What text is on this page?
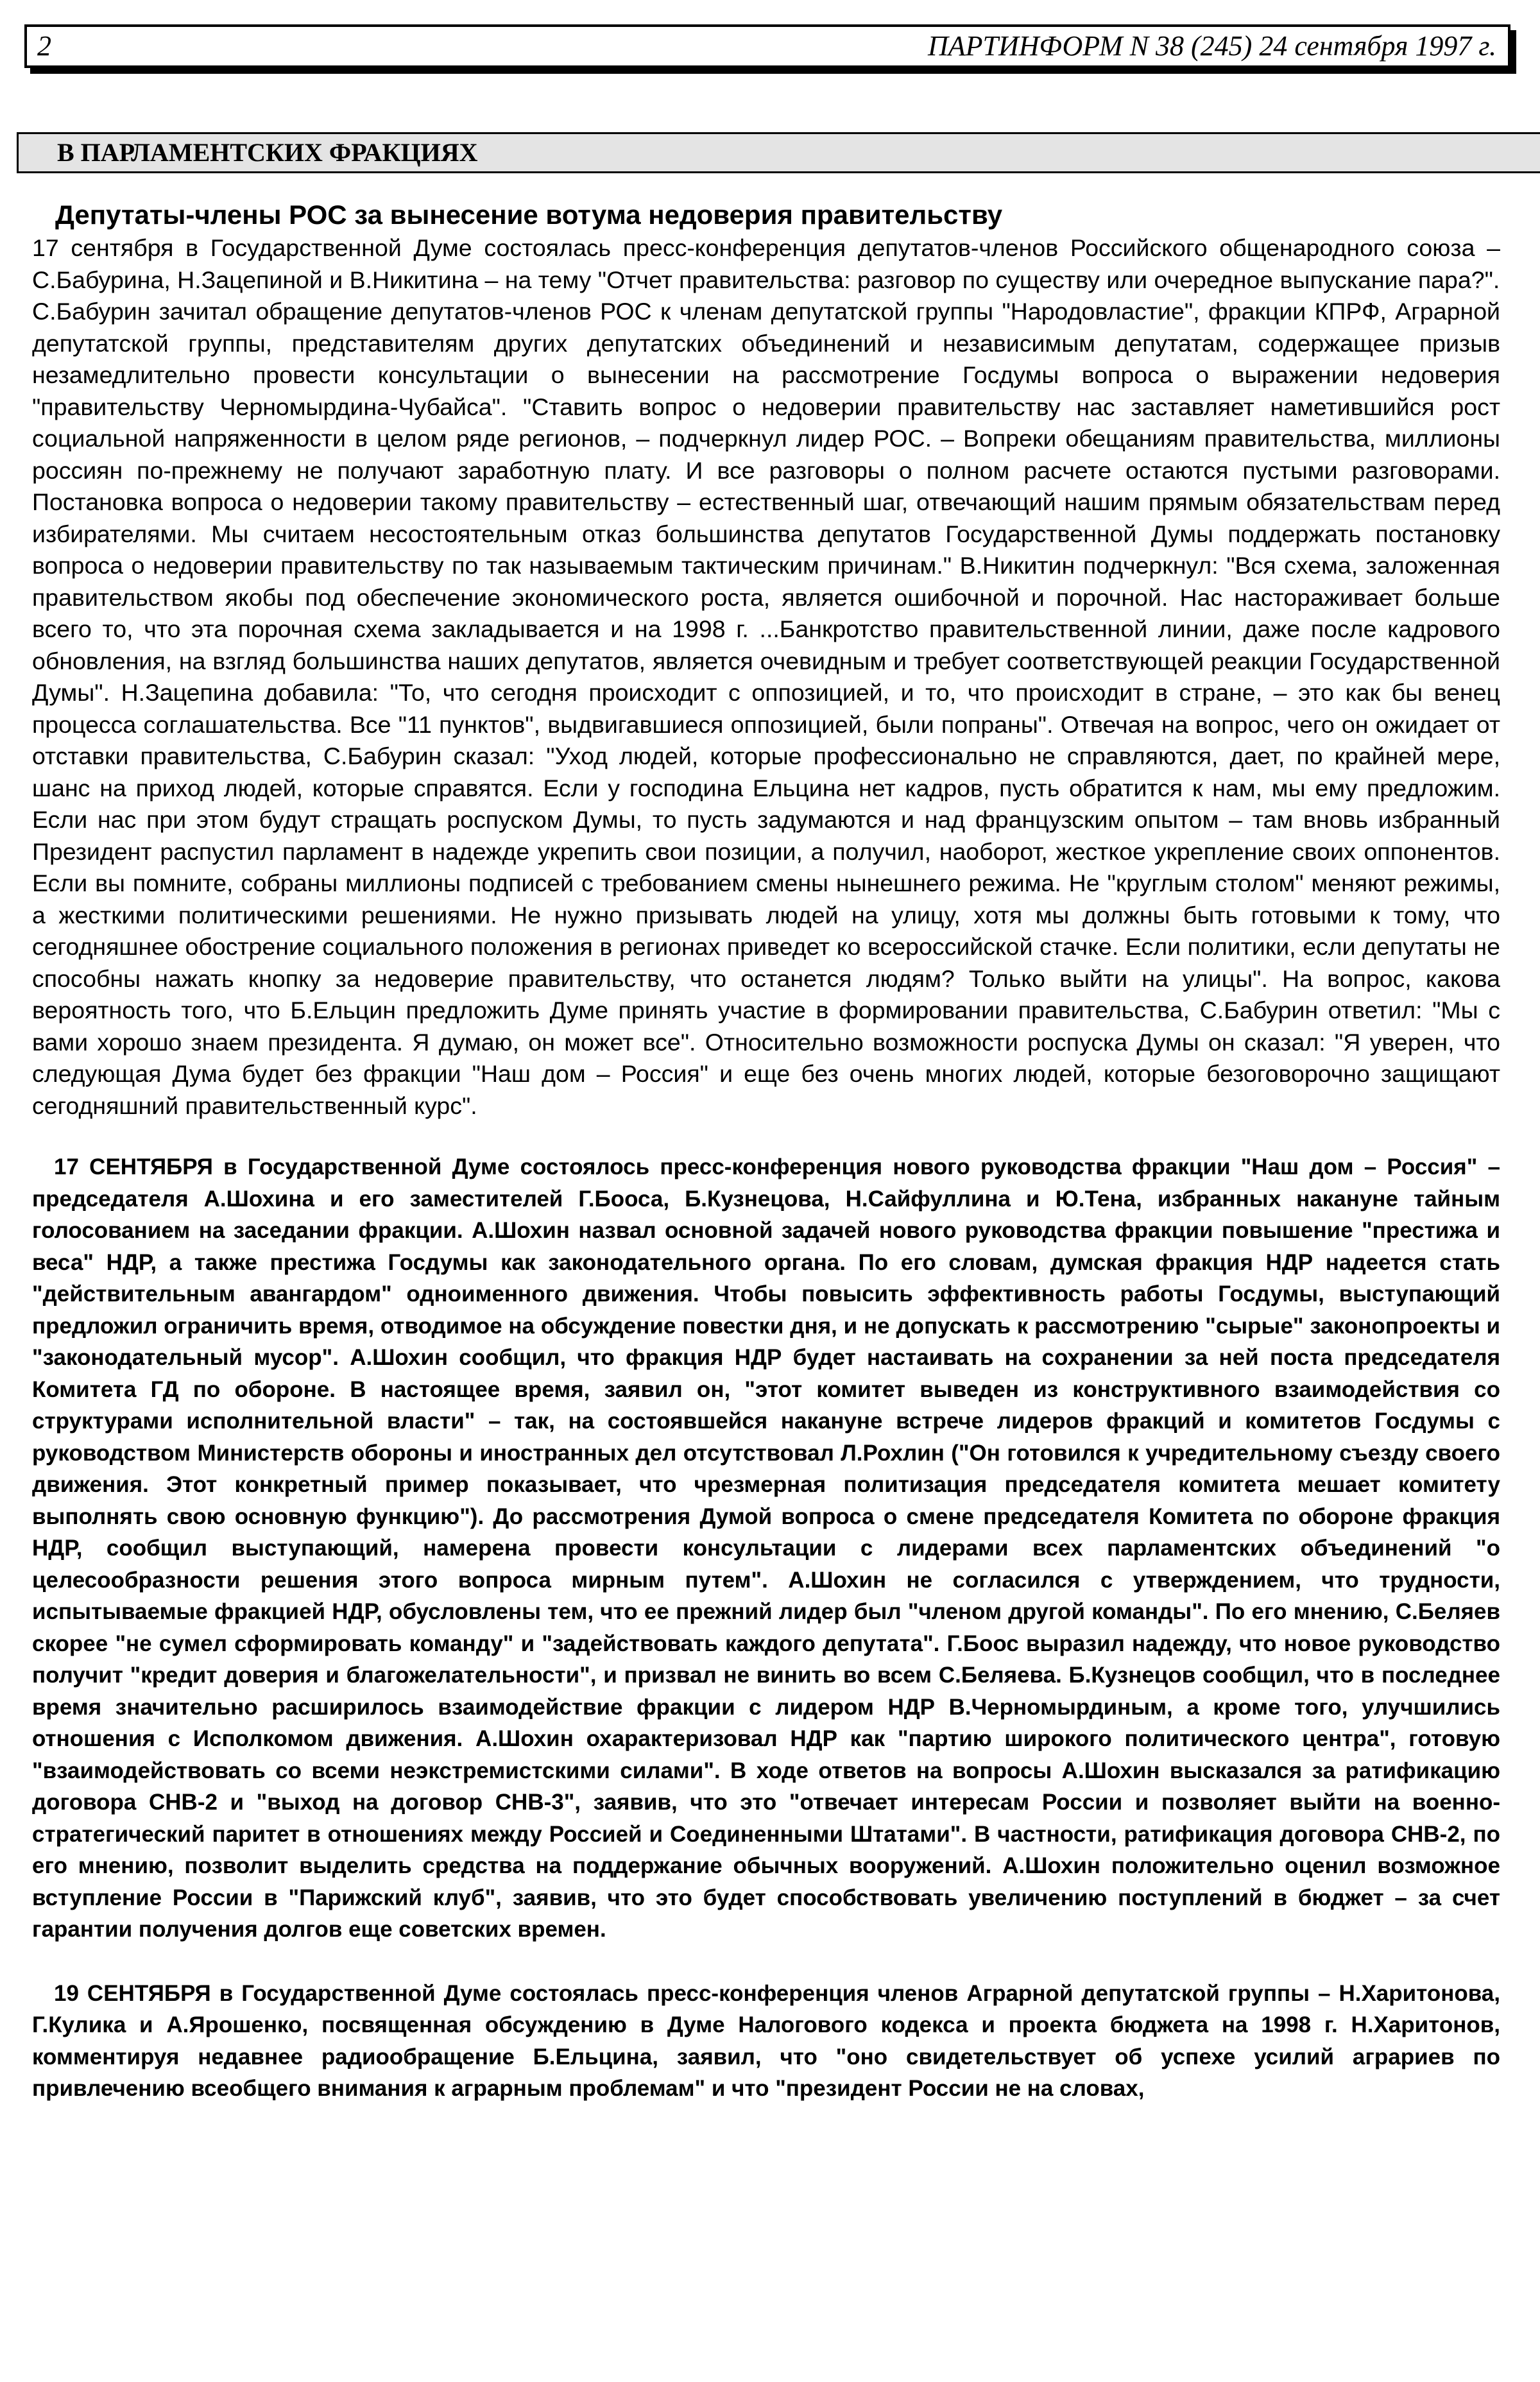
2	ПАРТИНФОРМ N 38 (245) 24 сентября 1997 г.
В ПАРЛАМЕНТСКИХ ФРАКЦИЯХ
Депутаты-члены РОС за вынесение вотума недоверия правительству

17 сентября в Государственной Думе состоялась пресс-конференция депутатов-членов Российского общенародного союза – С.Бабурина, Н.Зацепиной и В.Никитина – на тему "Отчет правительства: разговор по существу или очередное выпускание пара?".

С.Бабурин зачитал обращение депутатов-членов РОС к членам депутатской группы "Народовластие", фракции КПРФ, Аграрной депутатской группы, представителям других депутатских объединений и независимым депутатам, содержащее призыв незамедлительно провести консультации о вынесении на рассмотрение Госдумы вопроса о выражении недоверия "правительству Черномырдина-Чубайса". "Ставить вопрос о недоверии правительству нас заставляет наметившийся рост социальной напряженности в целом ряде регионов, – подчеркнул лидер РОС. – Вопреки обещаниям правительства, миллионы россиян по-прежнему не получают заработную плату. И все разговоры о полном расчете остаются пустыми разговорами. Постановка вопроса о недоверии такому правительству – естественный шаг, отвечающий нашим прямым обязательствам перед избирателями. Мы считаем несостоятельным отказ большинства депутатов Государственной Думы поддержать постановку вопроса о недоверии правительству по так называемым тактическим причинам." В.Никитин подчеркнул: "Вся схема, заложенная правительством якобы под обеспечение экономического роста, является ошибочной и порочной. Нас настораживает больше всего то, что эта порочная схема закладывается и на 1998 г. ...Банкротство правительственной линии, даже после кадрового обновления, на взгляд большинства наших депутатов, является очевидным и требует соответствующей реакции Государственной Думы". Н.Зацепина добавила: "То, что сегодня происходит с оппозицией, и то, что происходит в стране, – это как бы венец процесса соглашательства. Все "11 пунктов", выдвигавшиеся оппозицией, были попраны". Отвечая на вопрос, чего он ожидает от отставки правительства, С.Бабурин сказал: "Уход людей, которые профессионально не справляются, дает, по крайней мере, шанс на приход людей, которые справятся. Если у господина Ельцина нет кадров, пусть обратится к нам, мы ему предложим. Если нас при этом будут стращать роспуском Думы, то пусть задумаются и над французским опытом – там вновь избранный Президент распустил парламент в надежде укрепить свои позиции, а получил, наоборот, жесткое укрепление своих оппонентов. Если вы помните, собраны миллионы подписей с требованием смены нынешнего режима. Не "круглым столом" меняют режимы, а жесткими политическими решениями. Не нужно призывать людей на улицу, хотя мы должны быть готовыми к тому, что сегодняшнее обострение социального положения в регионах приведет ко всероссийской стачке. Если политики, если депутаты не способны нажать кнопку за недоверие правительству, что останется людям? Только выйти на улицы". На вопрос, какова вероятность того, что Б.Ельцин предложить Думе принять участие в формировании правительства, С.Бабурин ответил: "Мы с вами хорошо знаем президента. Я думаю, он может все". Относительно возможности роспуска Думы он сказал: "Я уверен, что следующая Дума будет без фракции "Наш дом – Россия" и еще без очень многих людей, которые безоговорочно защищают сегодняшний правительственный курс".

17 СЕНТЯБРЯ в Государственной Думе состоялось пресс-конференция нового руководства фракции "Наш дом – Россия" – председателя А.Шохина и его заместителей Г.Бооса, Б.Кузнецова, Н.Сайфуллина и Ю.Тена, избранных накануне тайным голосованием на заседании фракции. А.Шохин назвал основной задачей нового руководства фракции повышение "престижа и веса" НДР, а также престижа Госдумы как законодательного органа. По его словам, думская фракция НДР надеется стать "действительным авангардом" одноименного движения. Чтобы повысить эффективность работы Госдумы, выступающий предложил ограничить время, отводимое на обсуждение повестки дня, и не допускать к рассмотрению "сырые" законопроекты и "законодательный мусор". А.Шохин сообщил, что фракция НДР будет настаивать на сохранении за ней поста председателя Комитета ГД по обороне. В настоящее время, заявил он, "этот комитет выведен из конструктивного взаимодействия со структурами исполнительной власти" – так, на состоявшейся накануне встрече лидеров фракций и комитетов Госдумы с руководством Министерств обороны и иностранных дел отсутствовал Л.Рохлин ("Он готовился к учредительному съезду своего движения. Этот конкретный пример показывает, что чрезмерная политизация председателя комитета мешает комитету выполнять свою основную функцию"). До рассмотрения Думой вопроса о смене председателя Комитета по обороне фракция НДР, сообщил выступающий, намерена провести консультации с лидерами всех парламентских объединений "о целесообразности решения этого вопроса мирным путем". А.Шохин не согласился с утверждением, что трудности, испытываемые фракцией НДР, обусловлены тем, что ее прежний лидер был "членом другой команды". По его мнению, С.Беляев скорее "не сумел сформировать команду" и "задействовать каждого депутата". Г.Боос выразил надежду, что новое руководство получит "кредит доверия и благожелательности", и призвал не винить во всем С.Беляева. Б.Кузнецов сообщил, что в последнее время значительно расширилось взаимодействие фракции с лидером НДР В.Черномырдиным, а кроме того, улучшились отношения с Исполкомом движения. А.Шохин охарактеризовал НДР как "партию широкого политического центра", готовую "взаимодействовать со всеми неэкстремистскими силами". В ходе ответов на вопросы А.Шохин высказался за ратификацию договора СНВ-2 и "выход на договор СНВ-3", заявив, что это "отвечает интересам России и позволяет выйти на военно-стратегический паритет в отношениях между Россией и Соединенными Штатами". В частности, ратификация договора СНВ-2, по его мнению, позволит выделить средства на поддержание обычных вооружений. А.Шохин положительно оценил возможное вступление России в "Парижский клуб", заявив, что это будет способствовать увеличению поступлений в бюджет – за счет гарантии получения долгов еще советских времен.

19 СЕНТЯБРЯ в Государственной Думе состоялась пресс-конференция членов Аграрной депутатской группы – Н.Харитонова, Г.Кулика и А.Ярошенко, посвященная обсуждению в Думе Налогового кодекса и проекта бюджета на 1998 г. Н.Харитонов, комментируя недавнее радиообращение Б.Ельцина, заявил, что "оно свидетельствует об успехе усилий аграриев по привлечению всеобщего внимания к аграрным проблемам" и что "президент России не на словах,
